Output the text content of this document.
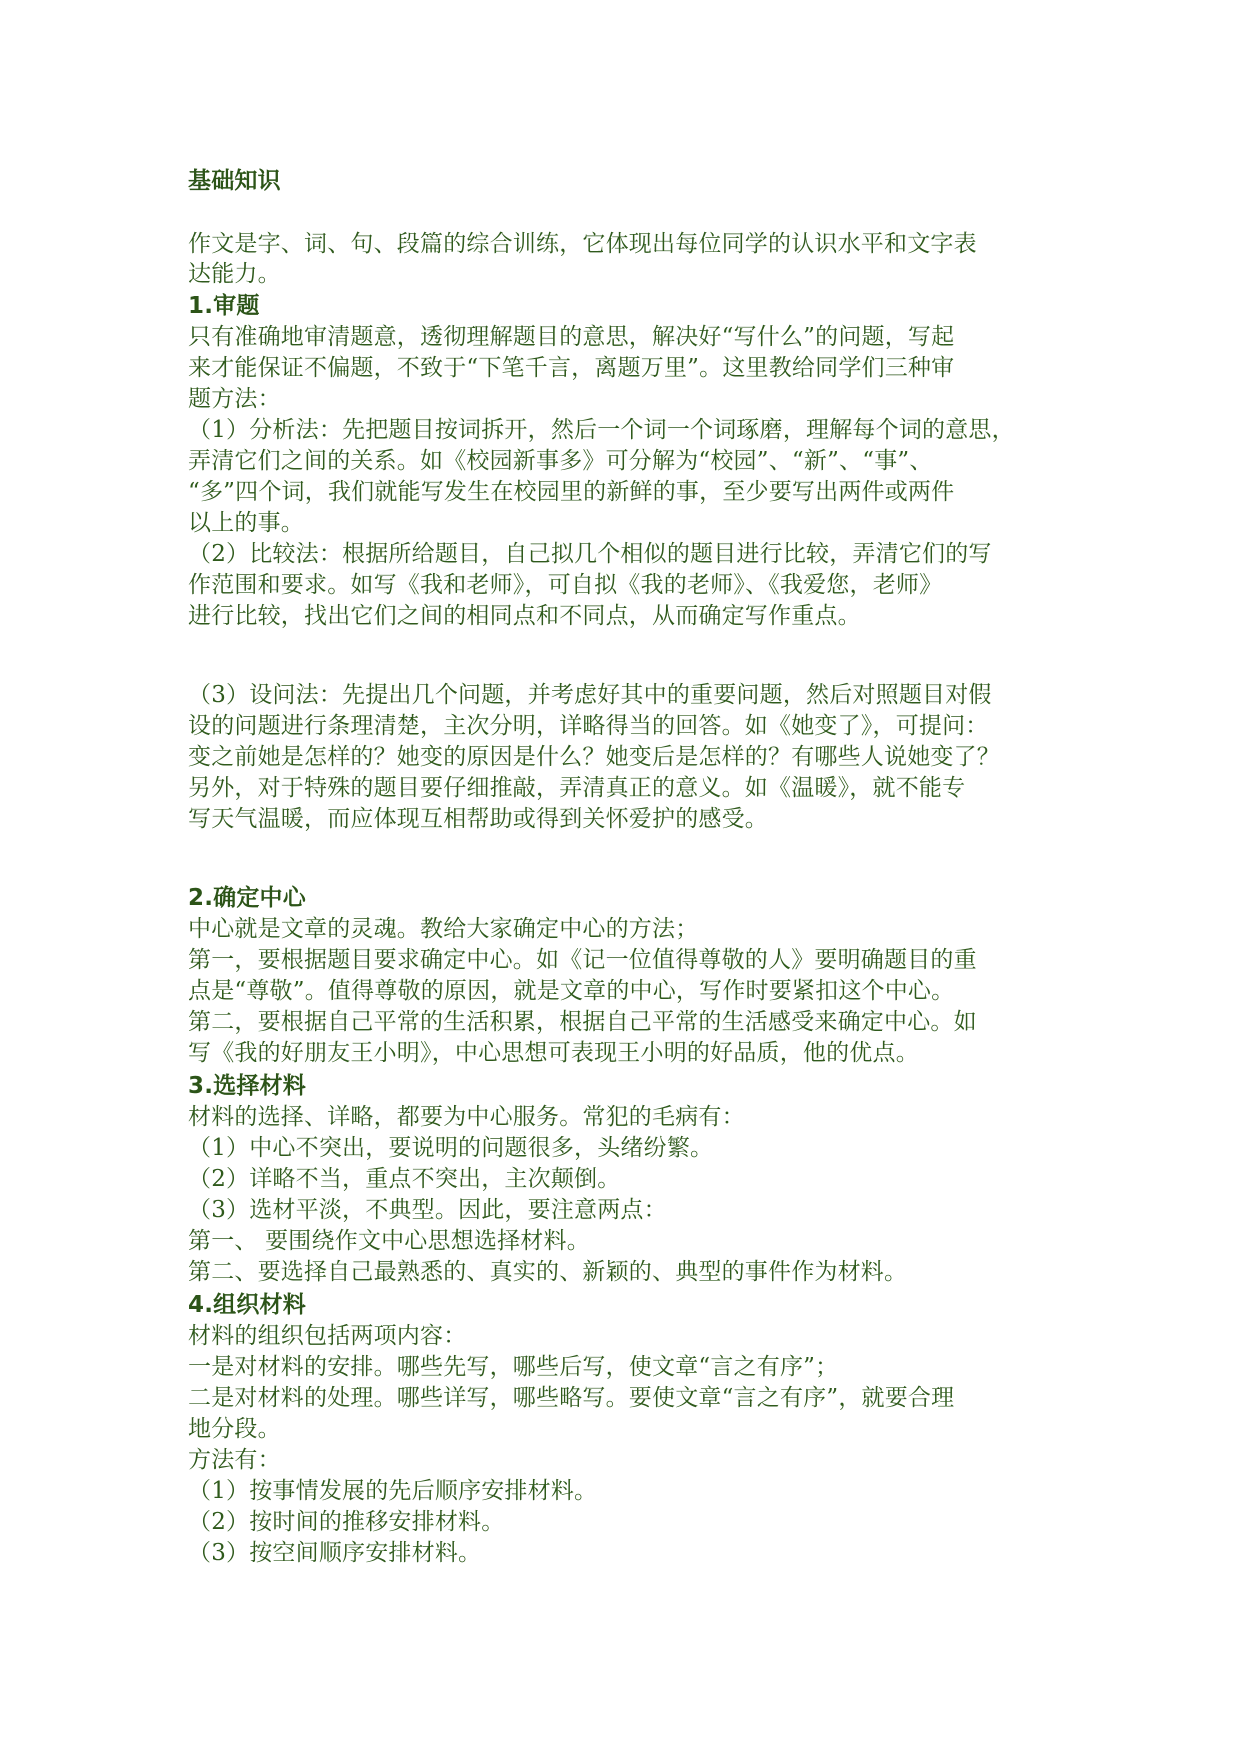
基础知识
作文是字、词、句、段篇的综合训练，它体现出每位同学的认识水平和文字表
达能力。
1.审题
只有准确地审清题意，透彻理解题目的意思，解决好“写什么”的问题，写起
来才能保证不偏题，不致于“下笔千言，离题万里”。这里教给同学们三种审
题方法：
（1）分析法：先把题目按词拆开，然后一个词一个词琢磨，理解每个词的意思，
弄清它们之间的关系。如《校园新事多》可分解为“校园”、“新”、“事”、
“多”四个词，我们就能写发生在校园里的新鲜的事，至少要写出两件或两件
以上的事。
（2）比较法：根据所给题目，自己拟几个相似的题目进行比较，弄清它们的写
作范围和要求。如写《我和老师》，可自拟《我的老师》、《我爱您，老师》
进行比较，找出它们之间的相同点和不同点，从而确定写作重点。
（3）设问法：先提出几个问题，并考虑好其中的重要问题，然后对照题目对假
设的问题进行条理清楚，主次分明，详略得当的回答。如《她变了》，可提问：
变之前她是怎样的？她变的原因是什么？她变后是怎样的？有哪些人说她变了？
另外，对于特殊的题目要仔细推敲，弄清真正的意义。如《温暖》，就不能专
写天气温暖，而应体现互相帮助或得到关怀爱护的感受。
2.确定中心
中心就是文章的灵魂。教给大家确定中心的方法；
第一，要根据题目要求确定中心。如《记一位值得尊敬的人》要明确题目的重
点是“尊敬”。值得尊敬的原因，就是文章的中心，写作时要紧扣这个中心。
第二，要根据自己平常的生活积累，根据自己平常的生活感受来确定中心。如
写《我的好朋友王小明》，中心思想可表现王小明的好品质，他的优点。
3.选择材料
材料的选择、详略，都要为中心服务。常犯的毛病有：
（1）中心不突出，要说明的问题很多，头绪纷繁。
（2）详略不当，重点不突出，主次颠倒。
（3）选材平淡，不典型。因此，要注意两点：
第一、 要围绕作文中心思想选择材料。
第二、要选择自己最熟悉的、真实的、新颖的、典型的事件作为材料。
4.组织材料
材料的组织包括两项内容：
一是对材料的安排。哪些先写，哪些后写，使文章“言之有序”；
二是对材料的处理。哪些详写，哪些略写。要使文章“言之有序”，就要合理
地分段。
方法有：
（1）按事情发展的先后顺序安排材料。
（2）按时间的推移安排材料。
（3）按空间顺序安排材料。
